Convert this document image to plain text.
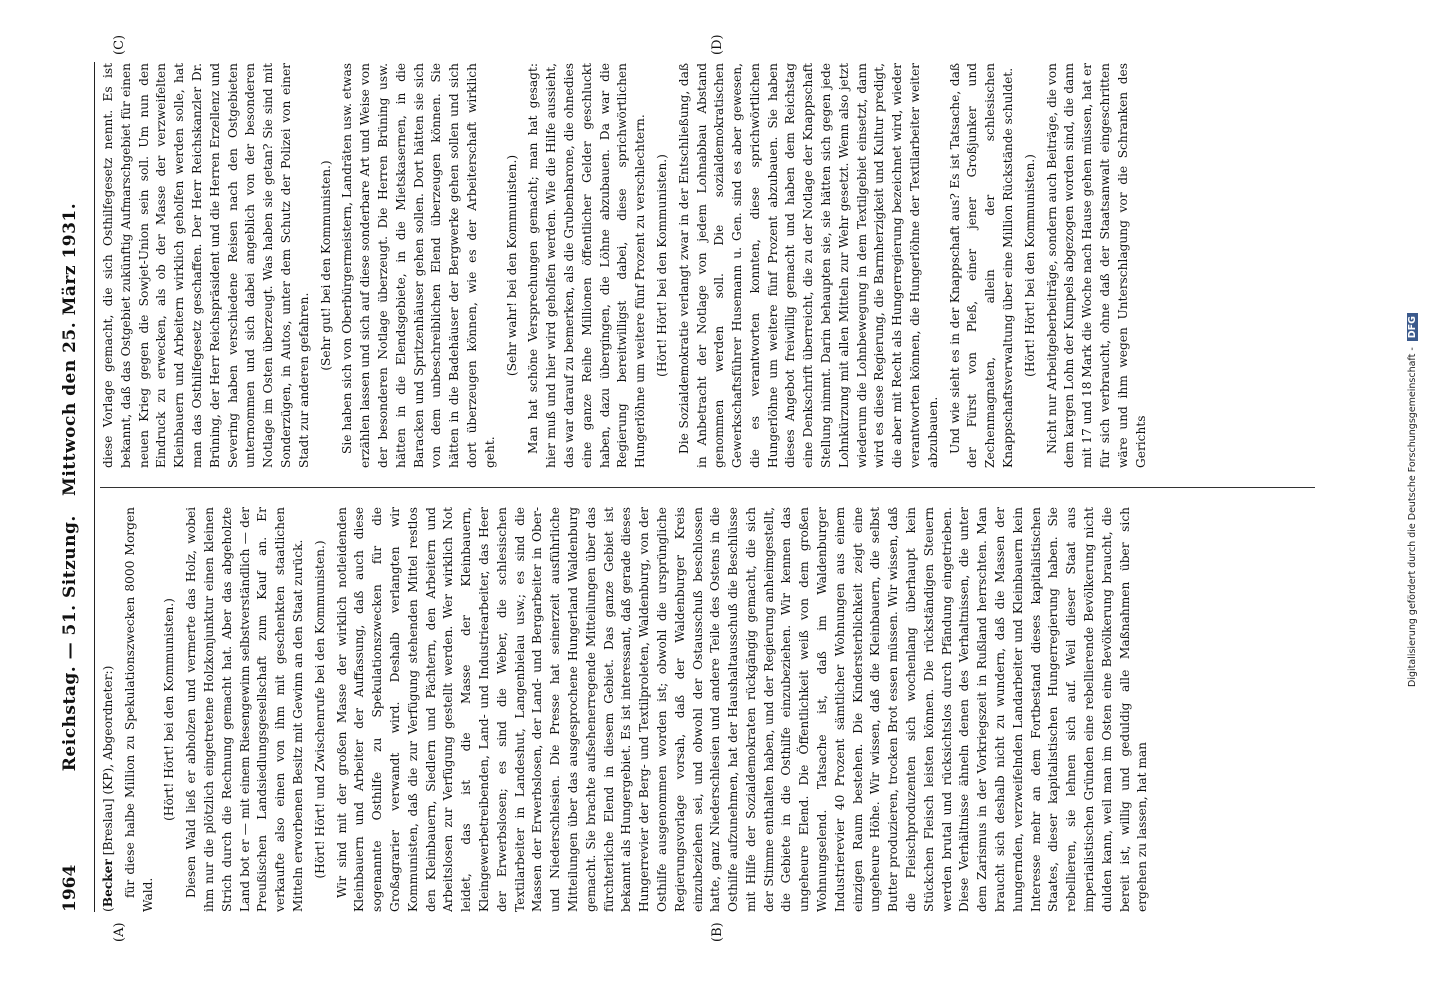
1964
Reichstag. — 51. Sitzung.   Mittwoch den 25. März 1931.
(A)	(B)
(C)	(D)

(Becker [Breslau] (KP), Abgeordneter:) für diese halbe Million zu Spekulationszwecken 8000 Morgen Wald.

(Hört! Hört! bei den Kommunisten.) Diesen Wald ließ er abholzen und vermerte das Holz, wobei ihm nur die plötzlich eingetretene Holzkonjunktur einen kleinen Strich durch die Rechnung gemacht hat. Aber das abgeholzte Land bot er — mit einem Riesengewinn selbstverständlich — der Preußischen Landsiedlungsgesellschaft zum Kauf an. Er verkaufte also einen von ihm mit geschenkten staatlichen Mitteln erworbenen Besitz mit Gewinn an den Staat zurück. (Hört! Hört! und Zwischenrufe bei den Kommunisten.) Wir sind mit der großen Masse der wirklich notleidenden Kleinbauern und Arbeiter der Auffassung, daß auch diese sogenannte Osthilfe zu Spekulationszwecken für die Großagrarier verwandt wird. Deshalb verlangten wir Kommunisten, daß die zur Verfügung stehenden Mittel restlos den Kleinbauern, Siedlern und Pächtern, den Arbeitern und Arbeitslosen zur Verfügung gestellt werden. Wer wirklich Not leidet, das ist die Masse der Kleinbauern, Kleingewerbetreibenden, Land- und Industriearbeiter, das Heer der Erwerbslosen; es sind die Weber, die schlesischen Textilarbeiter in Landeshut, Langenbielau usw.; es sind die Massen der Erwerbslosen, der Land- und Bergarbeiter in Ober- und Niederschlesien. Die Presse hat seinerzeit ausführliche Mitteilungen über das ausgesprochene Hungerland Waldenburg gemacht. Sie brachte aufsehenerregende Mitteilungen über das fürchterliche Elend in diesem Gebiet. Das ganze Gebiet ist bekannt als Hungergebiet. Es ist interessant, daß gerade dieses Hungerrevier der Berg- und Textilproleten, Waldenburg, von der Osthilfe ausgenommen worden ist; obwohl die ursprüngliche Regierungsvorlage vorsah, daß der Waldenburger Kreis einzubeziehen sei, und obwohl der Ostausschuß beschlossen hatte, ganz Niederschlesien und andere Teile des Ostens in die Osthilfe aufzunehmen, hat der Haushaltausschuß die Beschlüsse mit Hilfe der Sozialdemokraten rückgängig gemacht, die sich der Stimme enthalten haben, und der Regierung anheimgestellt, die Gebiete in die Osthilfe einzubeziehen. Wir kennen das ungeheure Elend. Die Öffentlichkeit weiß von dem großen Wohnungselend. Tatsache ist, daß im Waldenburger Industrierevier 40 Prozent sämtlicher Wohnungen aus einem einzigen Raum bestehen. Die Kindersterblichkeit zeigt eine ungeheure Höhe. Wir wissen, daß die Kleinbauern, die selbst Butter produzieren, trocken Brot essen müssen. Wir wissen, daß die Fleischproduzenten sich wochenlang überhaupt kein Stückchen Fleisch leisten können. Die rückständigen Steuern werden brutal und rücksichtslos durch Pfändung eingetrieben. Diese Verhältnisse ähneln denen des Verhaltnissen, die unter dem Zarismus in der Vorkriegszeit in Rußland herrschten. Man braucht sich deshalb nicht zu wundern, daß die Massen der hungernden, verzweifelnden Landarbeiter und Kleinbauern kein Interesse mehr an dem Fortbestand dieses kapitalistischen Staates, dieser kapitalistischen Hungerregierung haben. Sie rebellieren, sie lehnen sich auf. Weil dieser Staat aus imperialistischen Gründen eine rebellierende Bevölkerung nicht dulden kann, weil man im Osten eine Bevölkerung braucht, die bereit ist, willig und geduldig alle Maßnahmen über sich ergehen zu lassen, hat man

diese Vorlage gemacht, die sich Osthilfegesetz nennt. Es ist bekannt, daß das Ostgebiet zukünftig Aufmarschgebiet für einen neuen Krieg gegen die Sowjet-Union sein soll. Um nun den Eindruck zu erwecken, als ob der Masse der verzweifelten Kleinbauern und Arbeitern wirklich geholfen werden solle, hat man das Osthilfegesetz geschaffen. Der Herr Reichskanzler Dr. Brüning, der Herr Reichspräsident und die Herren Erzellenz und Severing haben verschiedene Reisen nach den Ostgebieten unternommen und sich dabei angeblich von der besonderen Notlage im Osten überzeugt. Was haben sie getan? Sie sind mit Sonderzügen, in Autos, unter dem Schutz der Polizei von einer Stadt zur anderen gefahren.

(Sehr gut! bei den Kommunisten.) Sie haben sich von Oberbürgermeistern, Landräten usw. etwas erzählen lassen und sich auf diese sonderbare Art und Weise von der besonderen Notlage überzeugt. Die Herren Brüning usw. hätten in die Elendsgebiete, in die Mietskasernen, in die Baracken und Spritzenhäuser gehen sollen. Dort hätten sie sich von dem unbeschreiblichen Elend überzeugen können. Sie hätten in die Badehäuser der Bergwerke gehen sollen und sich dort überzeugen können, wie es der Arbeiterschaft wirklich geht.

(Sehr wahr! bei den Kommunisten.) Man hat schöne Versprechungen gemacht; man hat gesagt: hier muß und hier wird geholfen werden. Wie die Hilfe aussieht, das war darauf zu bemerken, als die Grubenbarone, die ohnedies eine ganze Reihe Millionen öffentlicher Gelder geschluckt haben, dazu übergingen, die Löhne abzubauen. Da war die Regierung bereitwilligst dabei, diese sprichwörtlichen Hungerlöhne um weitere fünf Prozent zu verschlechtern. (Hört! Hört! bei den Kommunisten.) Die Sozialdemokratie verlangt zwar in der Entschließung, daß in Anbetracht der Notlage von jedem Lohnabbau Abstand genommen werden soll. Die sozialdemokratischen Gewerkschaftsführer Husemann u. Gen. sind es aber gewesen, die es verantworten konnten, diese sprichwörtlichen Hungerlöhne um weitere fünf Prozent abzubauen. Sie haben dieses Angebot freiwillig gemacht und haben dem Reichstag eine Denkschrift überreicht, die zu der Notlage der Knappschaft Stellung nimmt. Darin behaupten sie, sie hätten sich gegen jede Lohnkürzung mit allen Mitteln zur Wehr gesetzt. Wenn also jetzt wiederum die Lohnbewegung in dem Textilgebiet einsetzt, dann wird es diese Regierung, die Barmherzigkeit und Kultur predigt, die aber mit Recht als Hungerregierung bezeichnet wird, wieder verantworten können, die Hungerlöhne der Textilarbeiter weiter abzubauen. Und wie sieht es in der Knappschaft aus? Es ist Tatsache, daß der Fürst von Pleß, einer jener Großjunker und Zechenmagnaten, allein der schlesischen Knappschaftsverwaltung über eine Million Rückstände schuldet. (Hört! Hört! bei den Kommunisten.) Nicht nur Arbeitgeberbeiträge, sondern auch Beiträge, die von dem kargen Lohn der Kumpels abgezogen worden sind, die dann mit 17 und 18 Mark die Woche nach Hause gehen müssen, hat er für sich verbraucht, ohne daß der Staatsanwalt eingeschritten wäre und ihm wegen Unterschlagung vor die Schranken des Gerichts	Digitalisierung gefördert durch die Deutsche Forschungsgemeinschaft -DFG
